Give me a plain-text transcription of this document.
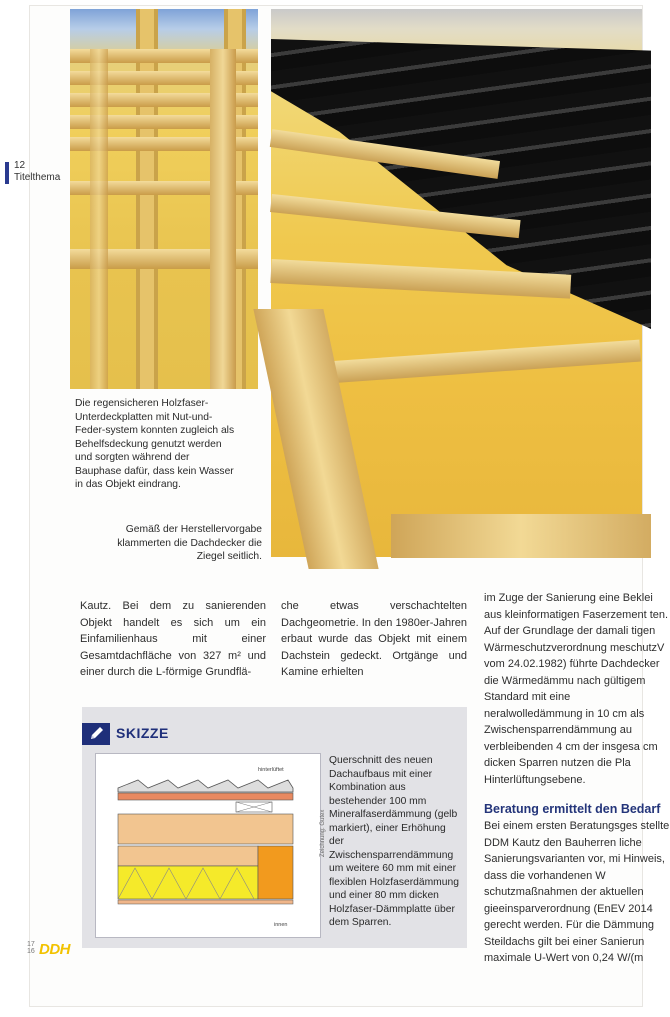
12
Titelthema
Die regensicheren Holzfaser-Unterdeckplatten mit Nut-und-Feder-system konnten zugleich als Behelfsdeckung genutzt werden und sorgten während der Bauphase dafür, dass kein Wasser in das Objekt eindrang.
Gemäß der Herstellervorgabe klammerten die Dachdecker die Ziegel seitlich.
Kautz. Bei dem zu sanierenden Objekt handelt es sich um ein Einfamilienhaus mit einer Gesamtdachfläche von 327 m² und einer durch die L-förmige Grundflä-
che etwas verschachtelten Dachgeometrie. In den 1980er-Jahren erbaut wurde das Objekt mit einem Dachstein gedeckt. Ortgänge und Kamine erhielten
im Zuge der Sanierung eine Beklei aus kleinformatigen Faserzement ten. Auf der Grundlage der damali tigen Wärmeschutzverordnung meschutzV vom 24.02.1982) führte Dachdecker die Wärmedämmu nach gültigem Standard mit eine neralwolledämmung in 10 cm als Zwischensparrendämmung au verbleibenden 4 cm der insgesa cm dicken Sparren nutzen die Pla Hinterlüftungsebene.
Beratung ermittelt den Bedarf
Bei einem ersten Beratungsges stellte DDM Kautz den Bauherren liche Sanierungsvarianten vor, mi Hinweis, dass die vorhandenen W schutzmaßnahmen der aktuellen gieeinsparverordnung (EnEV 2014 gerecht werden. Für die Dämmung Steildachs gilt bei einer Sanierun maximale U-Wert von 0,24 W/(m
SKIZZE
hinterlüftet
innen
Zeichnung: Gutex
Querschnitt des neuen Dachaufbaus mit einer Kombination aus bestehender 100 mm Mineralfaserdämmung (gelb markiert), einer Erhöhung der Zwischensparrendämmung um weitere 60 mm mit einer flexiblen Holzfaserdämmung und einer 80 mm dicken Holzfaser-Dämmplatte über dem Sparren.
17
16 DDH
